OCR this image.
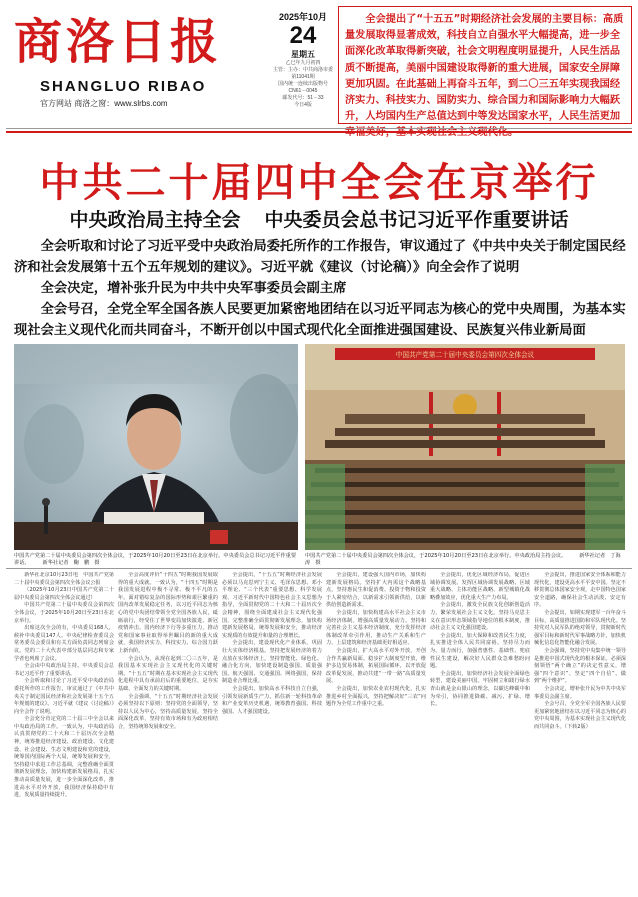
商洛日报
SHANGLUO RIBAO
官方网站 商洛之窗：www.slrbs.com
2025年10月
24
星期五
乙巳年九月初四
主管：主办：中共商洛市委
第11041期
国内统一连续出版物号
CN61－0045
邮发代号：51－33
今日4版

全会提出了“十五五”时期经济社会发展的主要目标：高质量发展取得显著成效，科技自立自强水平大幅提高，进一步全面深化改革取得新突破，社会文明程度明显提升，人民生活品质不断提高，美丽中国建设取得新的重大进展，国家安全屏障更加巩固。在此基础上再奋斗五年，到二〇三五年实现我国经济实力、科技实力、国防实力、综合国力和国际影响力大幅跃升，人均国内生产总值达到中等发达国家水平，人民生活更加

中共二十届四中全会在京举行
中央政治局主持全会 中央委员会总书记习近平作重要讲话

全会听取和讨论了习近平受中央政治局委托所作的工作报告，审议通过了《中共中央关于制定国民经济和社会发展第十五个五年规划的建议》。习近平就《建议（讨论稿）》向全会作了说明

全会决定，增补张升民为中共中央军事委员会副主席

全会号召，全党全军全国各族人民要更加紧密地团结在以习近平同志为核心的党中央周围，为基本实现社会主义现代化而共同奋斗，不断开创以中国式现代化全面推进强国建设、民族复兴伟业新局面

中国共产党第二十届中央委员会第四次全体会议，于2025年10月20日至23日在北京举行。中央委员会总书记习近平作重要讲话。　　　新华社记者　鞠　鹏　摄
中国共产党第二十届中央委员会第四次全体会议
中国共产党第二十届中央委员会第四次全体会议，于2025年10月20日至23日在北京举行。中央政治局主持会议。　　　新华社记者　丁海涛　摄

新华社北京10月23日电　中国共产党第二十届中央委员会第四次全体会议公报

（2025年10月23日中国共产党第二十届中央委员会第四次全体会议通过）

中国共产党第二十届中央委员会第四次全体会议，于2025年10月20日至23日在北京举行。

出席这次全会的有，中央委员168人，候补中央委员147人。中央纪律检查委员会常务委员会委员和有关方面负责同志列席会议。党的二十大代表中部分基层同志和专家学者也列席了会议。

全会由中央政治局主持。中央委员会总书记习近平作了重要讲话。

全会听取和讨论了习近平受中央政治局委托所作的工作报告，审议通过了《中共中央关于制定国民经济和社会发展第十五个五年规划的建议》。习近平就《建议（讨论稿）》向全会作了说明。

全会充分肯定党的二十届三中全会以来中央政治局的工作。一致认为，中央政治局认真贯彻党的二十大和二十届历次全会精神，统筹推进经济建设、政治建设、文化建设、社会建设、生态文明建设和党的建设，统筹国内国际两个大局，统筹发展和安全，坚持稳中求进工作总基调，完整准确全面贯彻新发展理念，加快构建新发展格局，扎实推动高质量发展，进一步全面深化改革，推进高水平对外开放，我国经济保持稳中有进，发展质量持续提升。

全会高度评价“十四五”时期我国发展取得的重大成就。一致认为，“十四五”时期是我国发展进程中极不寻常、极不平凡的五年。面对错综复杂的国际形势和艰巨繁重的国内改革发展稳定任务，以习近平同志为核心的党中央团结带领全党全国各族人民，砥砺前行，经受住了世界变局加快演进、新冠疫情冲击、国内经济下行等多重压力，推动党和国家事业取得举世瞩目的新的重大成就，我国经济实力、科技实力、综合国力跃上新台阶。

全会认为，从现在起到二〇三五年，是我国基本实现社会主义现代化的关键时期。“十五五”时期在基本实现社会主义现代化进程中具有承前启后的重要地位，是夯实基础、全面发力的关键时期。

全会强调，“十五五”时期经济社会发展必须坚持以下原则：坚持党的全面领导，坚持以人民为中心，坚持高质量发展，坚持全面深化改革，坚持有效市场和有为政府相结合，坚持统筹发展和安全。

全会提出，“十五五”时期经济社会发展必须以马克思列宁主义、毛泽东思想、邓小平理论、“三个代表”重要思想、科学发展观、习近平新时代中国特色社会主义思想为指导，全面贯彻党的二十大和二十届历次全会精神，围绕全面建成社会主义现代化强国，完整准确全面贯彻新发展理念，加快构建新发展格局，统筹发展和安全，推动经济实现质的有效提升和量的合理增长。

全会提出，建设现代化产业体系，巩固壮大实体经济根基。坚持把发展经济的着力点放在实体经济上，坚持智能化、绿色化、融合化方向，加快建设制造强国、质量强国、航天强国、交通强国、网络强国，保持制造业合理比重。

全会提出，加快高水平科技自立自强，引领发展新质生产力。抓住新一轮科技革命和产业变革历史机遇，统筹教育强国、科技强国、人才强国建设。

全会提出，建设强大国内市场，加快构建新发展格局。坚持扩大内需这个战略基点，坚持惠民生和促消费、投资于物和投资于人紧密结合，以新需求引领新供给，以新供给创造新需求。

全会提出，加快构建高水平社会主义市场经济体制，增强高质量发展动力。坚持和完善社会主义基本经济制度，充分发挥经济体制改革牵引作用，推动生产关系和生产力、上层建筑和经济基础更好相适应。

全会提出，扩大高水平对外开放，开创合作共赢新局面。稳步扩大制度型开放，维护多边贸易体制，拓展国际循环，以开放促改革促发展，推动共建“一带一路”高质量发展。

全会提出，加快农业农村现代化，扎实推进乡村全面振兴，坚持把解决好“三农”问题作为全党工作重中之重。

全会提出，优化区域经济布局，促进区域协调发展。发挥区域协调发展战略、区域重大战略、主体功能区战略、新型城镇化战略叠加效应，优化重大生产力布局。

全会提出，激发全民族文化创新创造活力，繁荣发展社会主义文化。坚持马克思主义在意识形态领域指导地位的根本制度，推动社会主义文化强国建设。

全会提出，加大保障和改善民生力度，扎实推进全体人民共同富裕。坚持尽力而为、量力而行，加强普惠性、基础性、兜底性民生建设，解决好人民群众急难愁盼问题。

全会提出，加快经济社会发展全面绿色转型，建设美丽中国。牢固树立和践行绿水青山就是金山银山的理念，以碳达峰碳中和为牵引，协同推进降碳、减污、扩绿、增长。

全会提出，推进国家安全体系和能力现代化，建设更高水平平安中国。坚定不移贯彻总体国家安全观，走中国特色国家安全道路，确保社会生动活泼、安定有序。

全会提出，如期实现建军一百年奋斗目标，高质量推进国防和军队现代化。坚持党对人民军队的绝对领导，贯彻新时代强军目标和新时代军事战略方针，加快机械化信息化智能化融合发展。

全会强调，坚持党中央集中统一领导是推进中国式现代化的根本保证。必须深刻领悟“两个确立”的决定性意义，增强“四个意识”、坚定“四个自信”、做到“两个维护”。

全会决定，增补张升民为中共中央军事委员会副主席。

全会号召，全党全军全国各族人民要更加紧密地团结在以习近平同志为核心的党中央周围，为基本实现社会主义现代化而共同奋斗。（下转2版）
